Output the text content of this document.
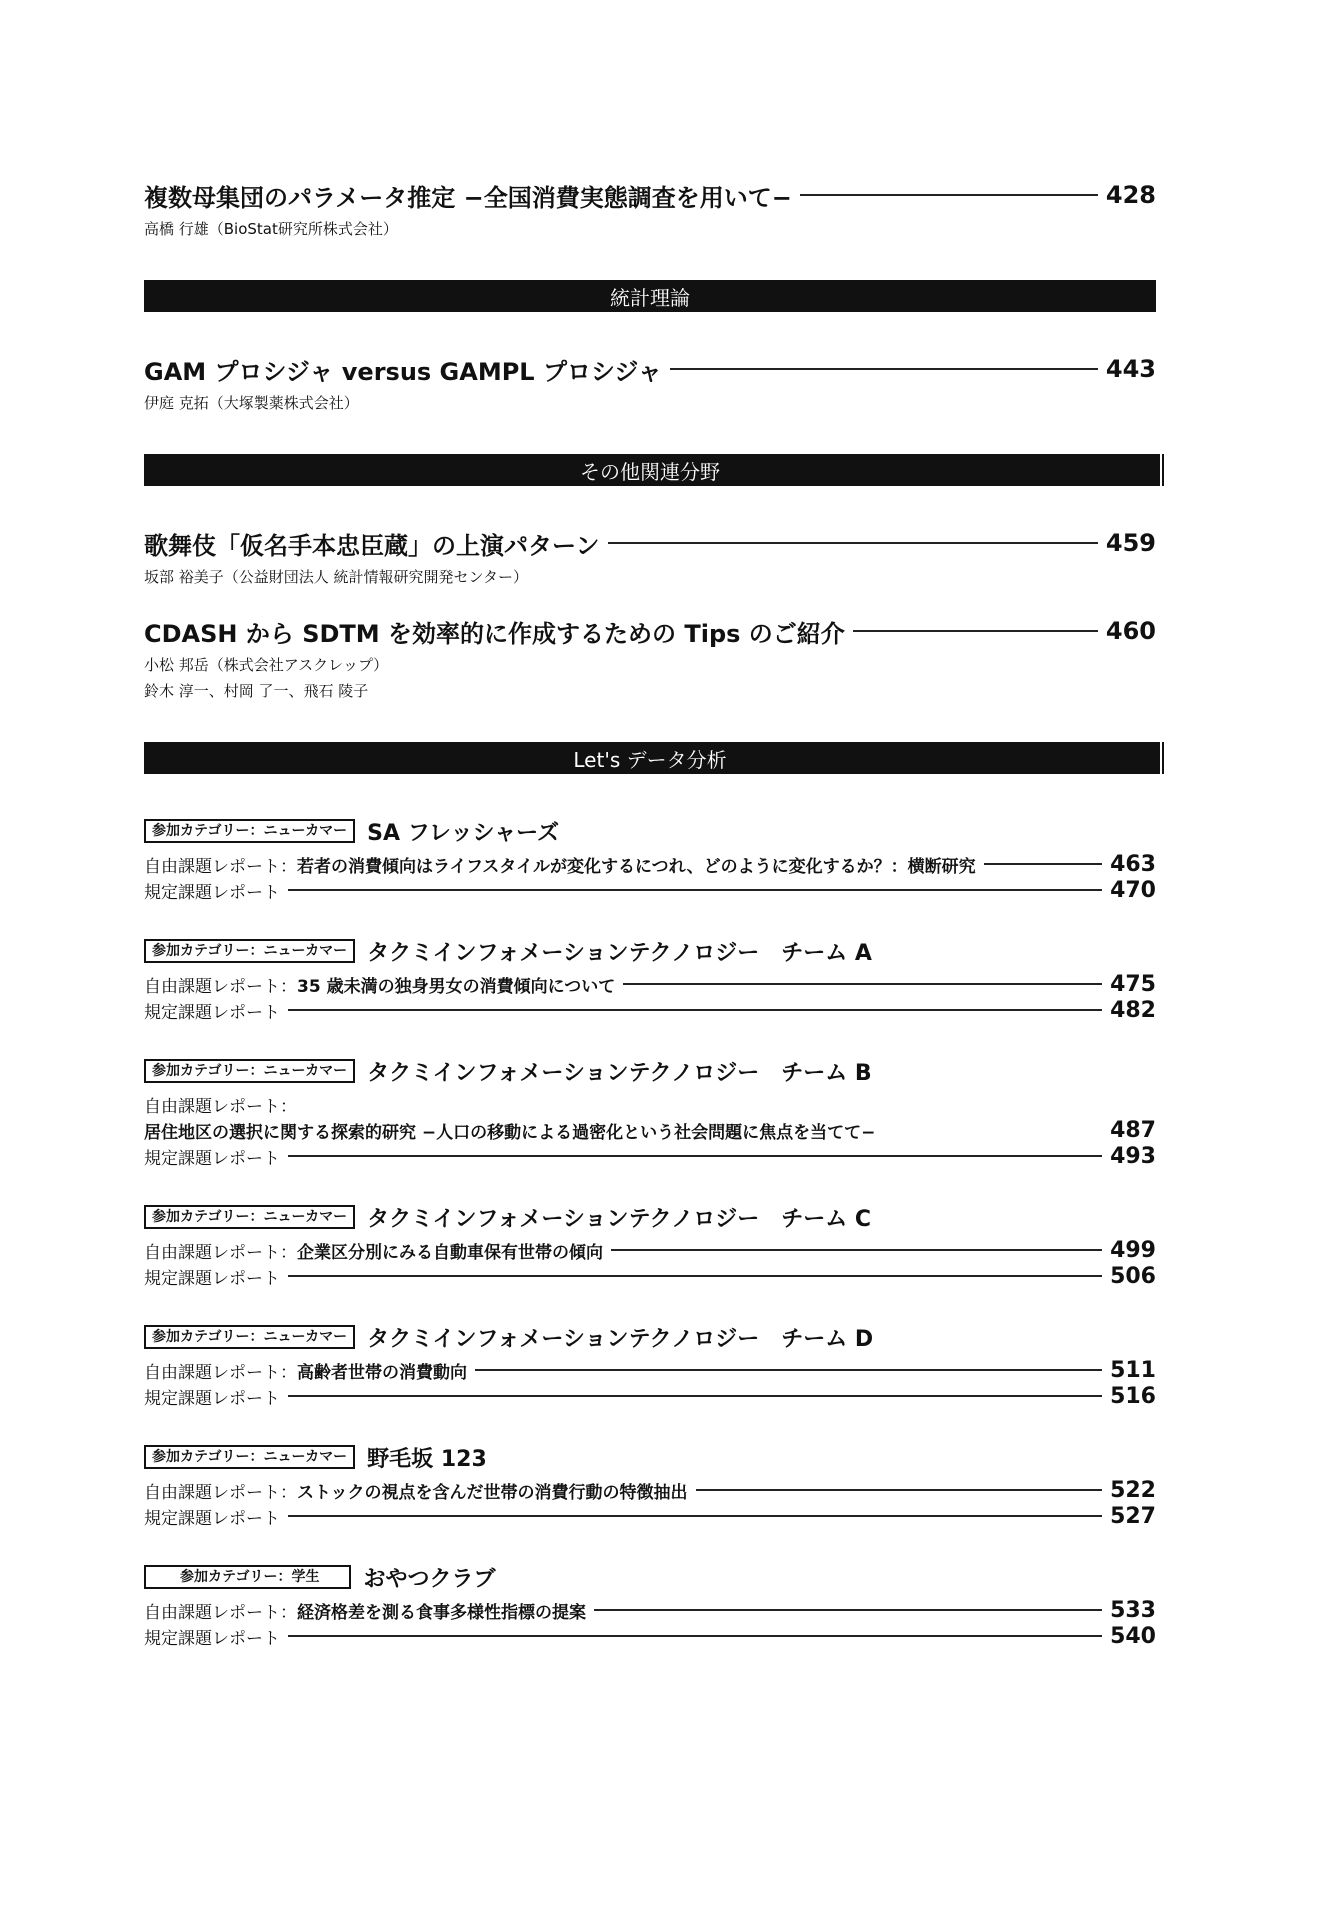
複数母集団のパラメータ推定 −全国消費実態調査を用いて−	428
高橋 行雄（BioStat研究所株式会社）
統計理論
GAM プロシジャ versus GAMPL プロシジャ	443
伊庭 克拓（大塚製薬株式会社）
その他関連分野
歌舞伎「仮名手本忠臣蔵」の上演パターン	459
坂部 裕美子（公益財団法人 統計情報研究開発センター）
CDASH から SDTM を効率的に作成するための Tips のご紹介	460
小松 邦岳（株式会社アスクレップ）
鈴木 淳一、村岡 了一、飛石 陵子
Let's データ分析
参加カテゴリー：ニューカマー SA フレッシャーズ
自由課題レポート： 若者の消費傾向はライフスタイルが変化するにつれ、どのように変化するか？：横断研究	463
規定課題レポート	470
参加カテゴリー：ニューカマー タクミインフォメーションテクノロジー　チーム A
自由課題レポート： 35 歳未満の独身男女の消費傾向について	475
規定課題レポート	482
参加カテゴリー：ニューカマー タクミインフォメーションテクノロジー　チーム B
自由課題レポート：
居住地区の選択に関する探索的研究 −人口の移動による過密化という社会問題に焦点を当てて−	487
規定課題レポート	493
参加カテゴリー：ニューカマー タクミインフォメーションテクノロジー　チーム C
自由課題レポート： 企業区分別にみる自動車保有世帯の傾向	499
規定課題レポート	506
参加カテゴリー：ニューカマー タクミインフォメーションテクノロジー　チーム D
自由課題レポート： 高齢者世帯の消費動向	511
規定課題レポート	516
参加カテゴリー：ニューカマー 野毛坂 123
自由課題レポート： ストックの視点を含んだ世帯の消費行動の特徴抽出	522
規定課題レポート	527
参加カテゴリー：学生	おやつクラブ
自由課題レポート： 経済格差を測る食事多様性指標の提案	533
規定課題レポート	540
